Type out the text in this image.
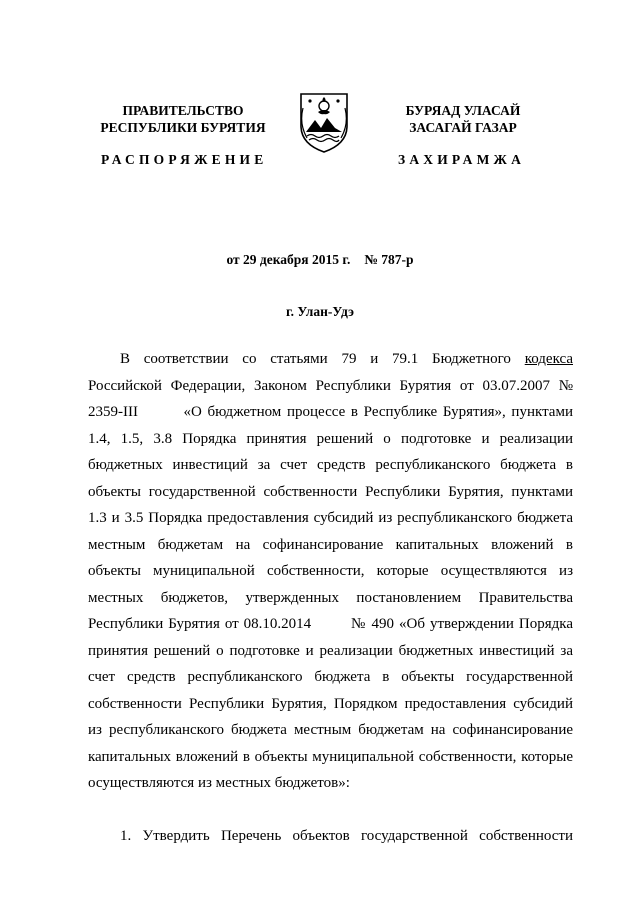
ПРАВИТЕЛЬСТВО
РЕСПУБЛИКИ БУРЯТИЯ
РАСПОРЯЖЕНИЕ
БУРЯАД УЛАСАЙ
ЗАСАГАЙ ГАЗАР
ЗАХИРАМЖА
от 29 декабря 2015 г. № 787-р
г. Улан-Удэ
В соответствии со статьями 79 и 79.1 Бюджетного кодекса
Российской Федерации, Законом Республики Бурятия от 03.07.2007 №
2359-III        «О бюджетном процессе в Республике Бурятия», пунктами
1.4, 1.5, 3.8 Порядка принятия решений о подготовке и реализации
бюджетных инвестиций за счет средств республиканского бюджета в
объекты государственной собственности Республики Бурятия, пунктами
1.3 и 3.5 Порядка предоставления субсидий из республиканского бюджета
местным бюджетам на софинансирование капитальных вложений в
объекты муниципальной собственности, которые осуществляются из
местных бюджетов, утвержденных постановлением Правительства
Республики Бурятия от 08.10.2014        № 490 «Об утверждении Порядка
принятия решений о подготовке и реализации бюджетных инвестиций за
счет средств республиканского бюджета в объекты государственной
собственности Республики Бурятия, Порядком предоставления субсидий
из республиканского бюджета местным бюджетам на софинансирование
капитальных вложений в объекты муниципальной собственности, которые
осуществляются из местных бюджетов»:
1. Утвердить Перечень объектов государственной собственности
